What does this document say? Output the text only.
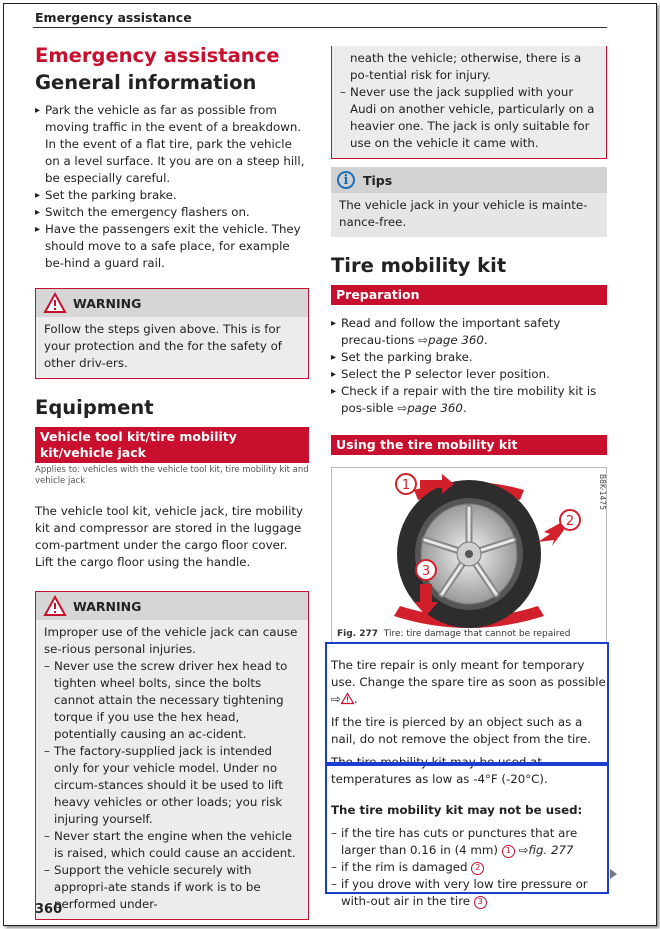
Emergency assistance
Emergency assistance
General information
▸ Park the vehicle as far as possible from moving traffic in the event of a breakdown. In the event of a flat tire, park the vehicle on a level surface. It you are on a steep hill, be especially careful.
▸ Set the parking brake.
▸ Switch the emergency flashers on.
▸ Have the passengers exit the vehicle. They should move to a safe place, for example be-hind a guard rail.
WARNING
Follow the steps given above. This is for your protection and the for the safety of other driv-ers.
Equipment
Vehicle tool kit/tire mobility kit/vehicle jack
Applies to: vehicles with the vehicle tool kit, tire mobility kit and vehicle jack

The vehicle tool kit, vehicle jack, tire mobility kit and compressor are stored in the luggage com-partment under the cargo floor cover. Lift the cargo floor using the handle.

WARNING
Improper use of the vehicle jack can cause se-rious personal injuries.
– Never use the screw driver hex head to tighten wheel bolts, since the bolts cannot attain the necessary tightening torque if you use the hex head, potentially causing an ac-cident.
– The factory-supplied jack is intended only for your vehicle model. Under no circum-stances should it be used to lift heavy vehicles or other loads; you risk injuring yourself.
– Never start the engine when the vehicle is raised, which could cause an accident.
– Support the vehicle securely with appropri-ate stands if work is to be performed under-
neath the vehicle; otherwise, there is a po-tential risk for injury.
– Never use the jack supplied with your Audi on another vehicle, particularly on a heavier one. The jack is only suitable for use on the vehicle it came with.
i	Tips
The vehicle jack in your vehicle is mainte-nance-free.
Tire mobility kit
Preparation
▸ Read and follow the important safety precau-tions ⇨page 360.
▸ Set the parking brake.
▸ Select the P selector lever position.
▸ Check if a repair with the tire mobility kit is pos-sible ⇨page 360.
Using the tire mobility kit
1
2
3
B8K-1475
Fig. 277 Tire: tire damage that cannot be repaired

The tire repair is only meant for temporary use. Change the spare tire as soon as possible ⇨ .

If the tire is pierced by an object such as a nail, do not remove the object from the tire.

The tire mobility kit may be used at temperatures as low as -4°F (-20°C).

The tire mobility kit may not be used:
– if the tire has cuts or punctures that are larger than 0.16 in (4 mm) 1 ⇨fig. 277
– if the rim is damaged 2
– if you drove with very low tire pressure or with-out air in the tire 3
360
